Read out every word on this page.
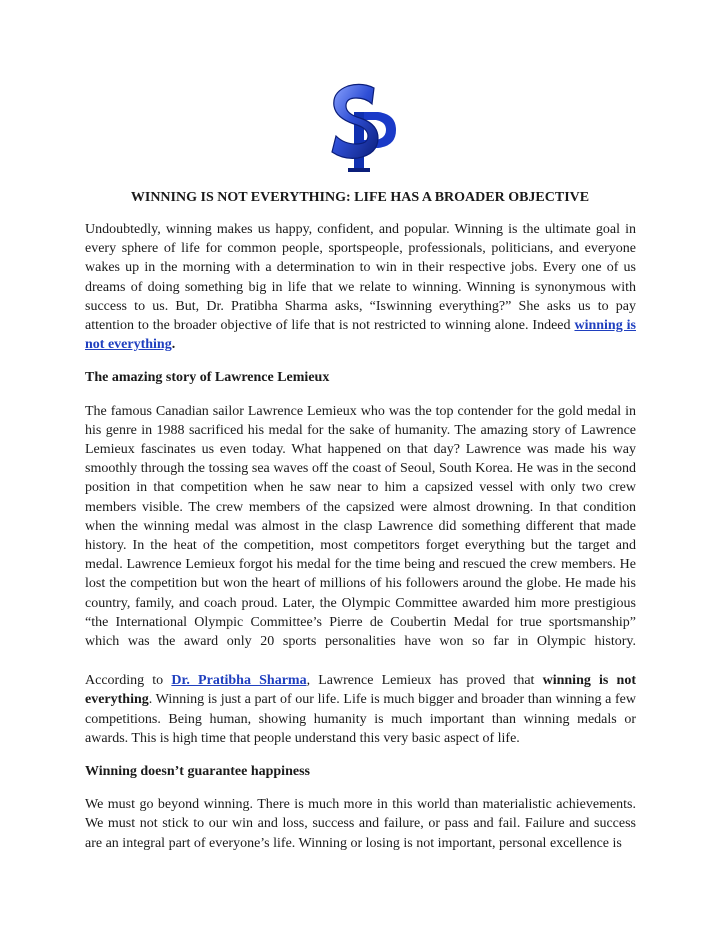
WINNING IS NOT EVERYTHING: LIFE HAS A BROADER OBJECTIVE

Undoubtedly, winning makes us happy, confident, and popular. Winning is the ultimate goal in every sphere of life for common people, sportspeople, professionals, politicians, and everyone wakes up in the morning with a determination to win in their respective jobs. Every one of us dreams of doing something big in life that we relate to winning. Winning is synonymous with success to us. But, Dr. Pratibha Sharma asks, “Iswinning everything?” She asks us to pay attention to the broader objective of life that is not restricted to winning alone. Indeed winning is not everything.

The amazing story of Lawrence Lemieux

The famous Canadian sailor Lawrence Lemieux who was the top contender for the gold medal in his genre in 1988 sacrificed his medal for the sake of humanity. The amazing story of Lawrence Lemieux fascinates us even today. What happened on that day? Lawrence was made his way smoothly through the tossing sea waves off the coast of Seoul, South Korea. He was in the second position in that competition when he saw near to him a capsized vessel with only two crew members visible. The crew members of the capsized were almost drowning. In that condition when the winning medal was almost in the clasp Lawrence did something different that made history. In the heat of the competition, most competitors forget everything but the target and medal. Lawrence Lemieux forgot his medal for the time being and rescued the crew members. He lost the competition but won the heart of millions of his followers around the globe. He made his country, family, and coach proud. Later, the Olympic Committee awarded him more prestigious “the International Olympic Committee’s Pierre de Coubertin Medal for true sportsmanship” which was the award only 20 sports personalities have won so far in Olympic history.

According to Dr. Pratibha Sharma, Lawrence Lemieux has proved that winning is not everything. Winning is just a part of our life. Life is much bigger and broader than winning a few competitions. Being human, showing humanity is much important than winning medals or awards. This is high time that people understand this very basic aspect of life.

Winning doesn’t guarantee happiness

We must go beyond winning. There is much more in this world than materialistic achievements. We must not stick to our win and loss, success and failure, or pass and fail. Failure and success are an integral part of everyone’s life. Winning or losing is not important, personal excellence is
